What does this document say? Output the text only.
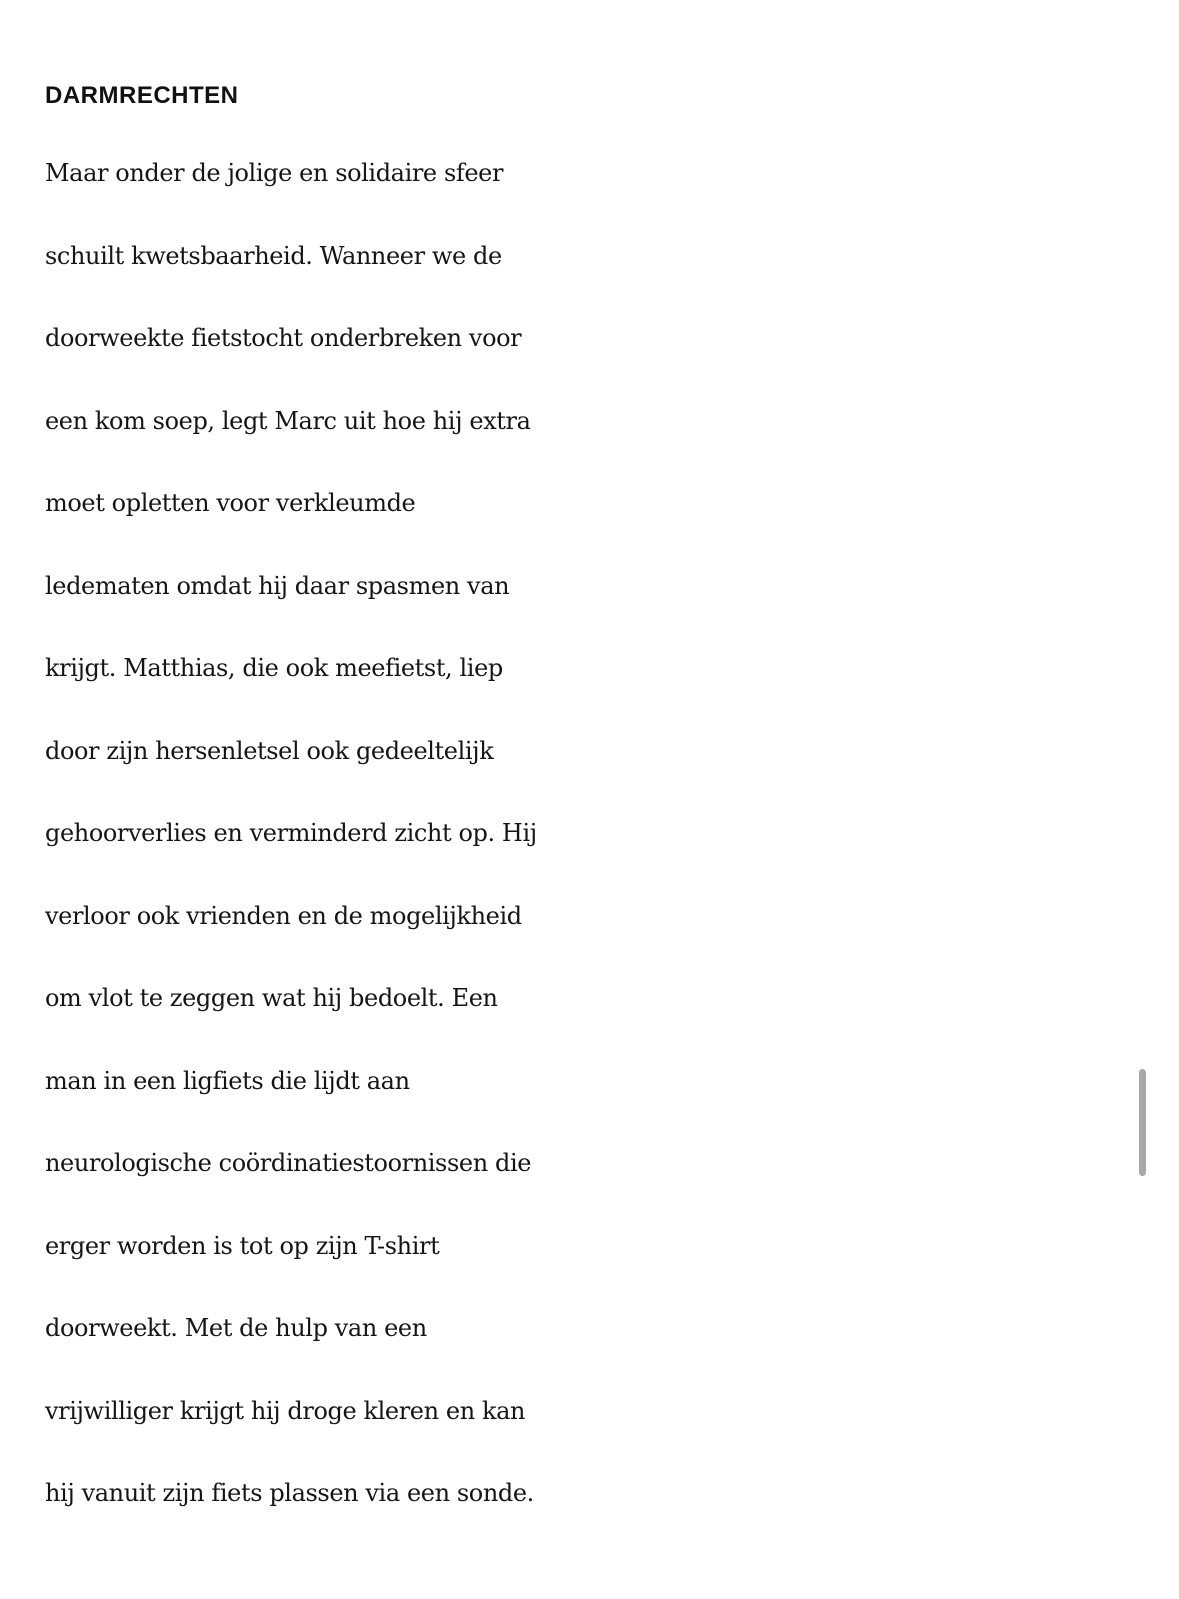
DARMRECHTEN
Maar onder de jolige en solidaire sfeer
schuilt kwetsbaarheid. Wanneer we de
doorweekte fietstocht onderbreken voor
een kom soep, legt Marc uit hoe hij extra
moet opletten voor verkleumde
ledematen omdat hij daar spasmen van
krijgt. Matthias, die ook meefietst, liep
door zijn hersenletsel ook gedeeltelijk
gehoorverlies en verminderd zicht op. Hij
verloor ook vrienden en de mogelijkheid
om vlot te zeggen wat hij bedoelt. Een
man in een ligfiets die lijdt aan
neurologische coördinatiestoornissen die
erger worden is tot op zijn T-shirt
doorweekt. Met de hulp van een
vrijwilliger krijgt hij droge kleren en kan
hij vanuit zijn fiets plassen via een sonde.
